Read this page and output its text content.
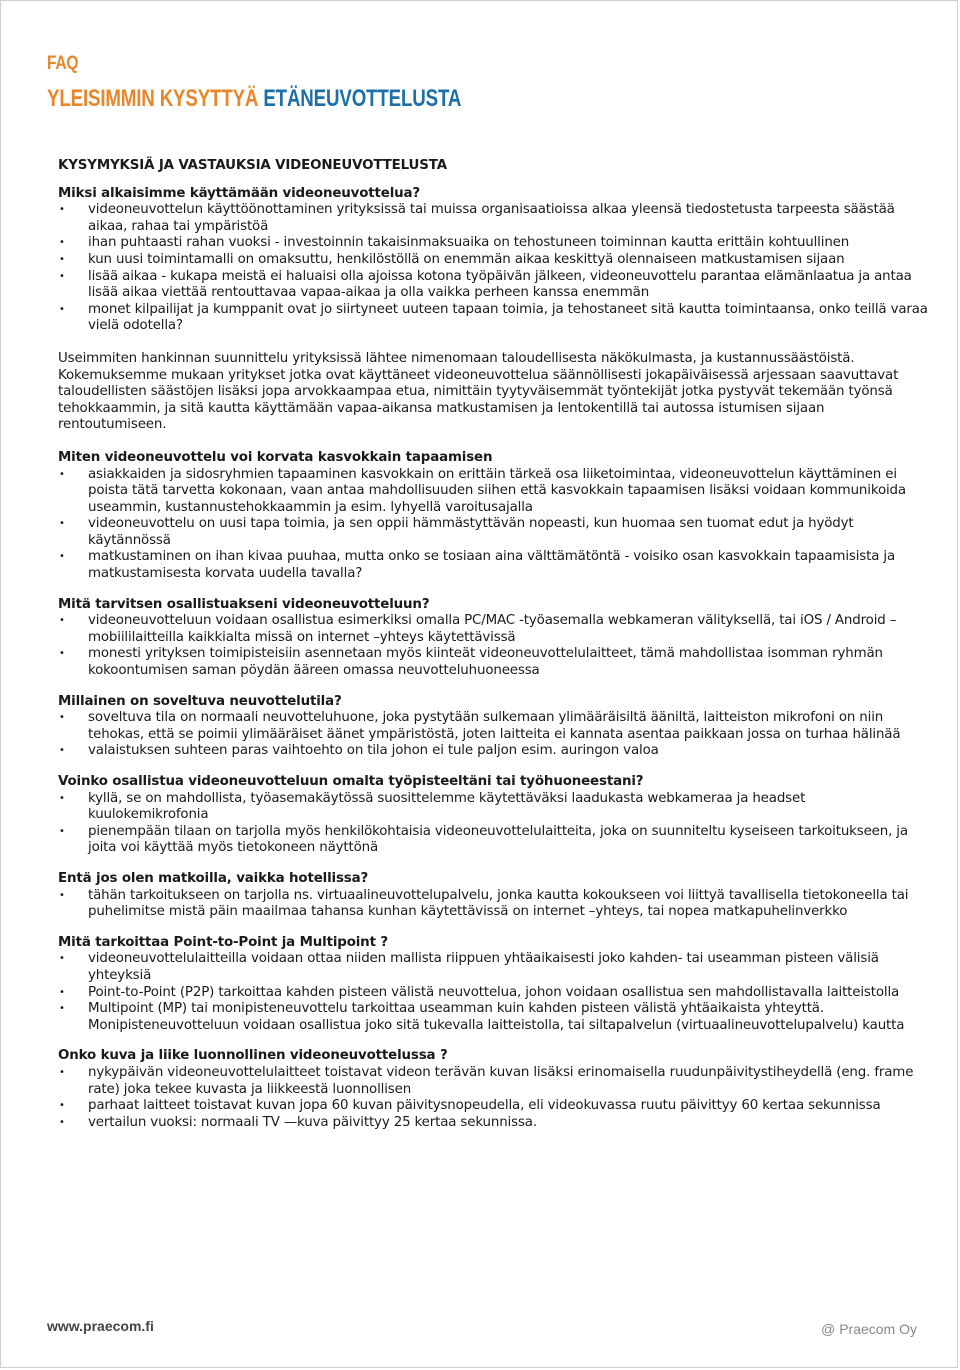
FAQ
YLEISIMMIN KYSYTTYÄ ETÄNEUVOTTELUSTA
KYSYMYKSIÄ JA VASTAUKSIA VIDEONEUVOTTELUSTA
Miksi alkaisimme käyttämään videoneuvottelua?
• videoneuvottelun käyttöönottaminen yrityksissä tai muissa organisaatioissa alkaa yleensä tiedostetusta tarpeesta säästää aikaa, rahaa tai ympäristöä
• ihan puhtaasti rahan vuoksi - investoinnin takaisinmaksuaika on tehostuneen toiminnan kautta erittäin kohtuullinen
• kun uusi toimintamalli on omaksuttu, henkilöstöllä on enemmän aikaa keskittyä olennaiseen matkustamisen sijaan
• lisää aikaa - kukapa meistä ei haluaisi olla ajoissa kotona työpäivän jälkeen, videoneuvottelu parantaa elämänlaatua ja antaa lisää aikaa viettää rentouttavaa vapaa-aikaa ja olla vaikka perheen kanssa enemmän
• monet kilpailijat ja kumppanit ovat jo siirtyneet uuteen tapaan toimia, ja tehostaneet sitä kautta toimintaansa, onko teillä varaa vielä odotella?

Useimmiten hankinnan suunnittelu yrityksissä lähtee nimenomaan taloudellisesta näkökulmasta, ja kustannussäästöistä.

Kokemuksemme mukaan yritykset jotka ovat käyttäneet videoneuvottelua säännöllisesti jokapäiväisessä arjessaan saavuttavat taloudellisten säästöjen lisäksi jopa arvokkaampaa etua, nimittäin tyytyväisemmät työntekijät jotka pystyvät tekemään työnsä tehokkaammin, ja sitä kautta käyttämään vapaa-aikansa matkustamisen ja lentokentillä tai autossa istumisen sijaan rentoutumiseen.

Miten videoneuvottelu voi korvata kasvokkain tapaamisen
• asiakkaiden ja sidosryhmien tapaaminen kasvokkain on erittäin tärkeä osa liiketoimintaa, videoneuvottelun käyttäminen ei poista tätä tarvetta kokonaan, vaan antaa mahdollisuuden siihen että kasvokkain tapaamisen lisäksi voidaan kommunikoida useammin, kustannustehokkaammin ja esim. lyhyellä varoitusajalla
• videoneuvottelu on uusi tapa toimia, ja sen oppii hämmästyttävän nopeasti, kun huomaa sen tuomat edut ja hyödyt käytännössä
• matkustaminen on ihan kivaa puuhaa, mutta onko se tosiaan aina välttämätöntä - voisiko osan kasvokkain tapaamisista ja matkustamisesta korvata uudella tavalla?
Mitä tarvitsen osallistuakseni videoneuvotteluun?
• videoneuvotteluun voidaan osallistua esimerkiksi omalla PC/MAC -työasemalla webkameran välityksellä, tai iOS / Android –mobiililaitteilla kaikkialta missä on internet –yhteys käytettävissä
• monesti yrityksen toimipisteisiin asennetaan myös kiinteät videoneuvottelulaitteet, tämä mahdollistaa isomman ryhmän kokoontumisen saman pöydän ääreen omassa neuvotteluhuoneessa
Millainen on soveltuva neuvottelutila?
• soveltuva tila on normaali neuvotteluhuone, joka pystytään sulkemaan ylimääräisiltä ääniltä, laitteiston mikrofoni on niin tehokas, että se poimii ylimääräiset äänet ympäristöstä, joten laitteita ei kannata asentaa paikkaan jossa on turhaa hälinää
• valaistuksen suhteen paras vaihtoehto on tila johon ei tule paljon esim. auringon valoa
Voinko osallistua videoneuvotteluun omalta työpisteeltäni tai työhuoneestani?
• kyllä, se on mahdollista, työasemakäytössä suosittelemme käytettäväksi laadukasta webkameraa ja headset kuulokemikrofonia
• pienempään tilaan on tarjolla myös henkilökohtaisia videoneuvottelulaitteita, joka on suunniteltu kyseiseen tarkoitukseen, ja joita voi käyttää myös tietokoneen näyttönä
Entä jos olen matkoilla, vaikka hotellissa?
• tähän tarkoitukseen on tarjolla ns. virtuaalineuvottelupalvelu, jonka kautta kokoukseen voi liittyä tavallisella tietokoneella tai puhelimitse mistä päin maailmaa tahansa kunhan käytettävissä on internet –yhteys, tai nopea matkapuhelinverkko
Mitä tarkoittaa Point-to-Point ja Multipoint ?
• videoneuvottelulaitteilla voidaan ottaa niiden mallista riippuen yhtäaikaisesti joko kahden- tai useamman pisteen välisiä yhteyksiä
• Point-to-Point (P2P) tarkoittaa kahden pisteen välistä neuvottelua, johon voidaan osallistua sen mahdollistavalla laitteistolla
• Multipoint (MP) tai monipisteneuvottelu tarkoittaa useamman kuin kahden pisteen välistä yhtäaikaista yhteyttä. Monipisteneuvotteluun voidaan osallistua joko sitä tukevalla laitteistolla, tai siltapalvelun (virtuaalineuvottelupalvelu) kautta
Onko kuva ja liike luonnollinen videoneuvottelussa ?
• nykypäivän videoneuvottelulaitteet toistavat videon terävän kuvan lisäksi erinomaisella ruudunpäivitystiheydellä (eng. frame rate) joka tekee kuvasta ja liikkeestä luonnollisen
• parhaat laitteet toistavat kuvan jopa 60 kuvan päivitysnopeudella, eli videokuvassa ruutu päivittyy 60 kertaa sekunnissa
• vertailun vuoksi: normaali TV —kuva päivittyy 25 kertaa sekunnissa.
www.praecom.fi	@ Praecom Oy
